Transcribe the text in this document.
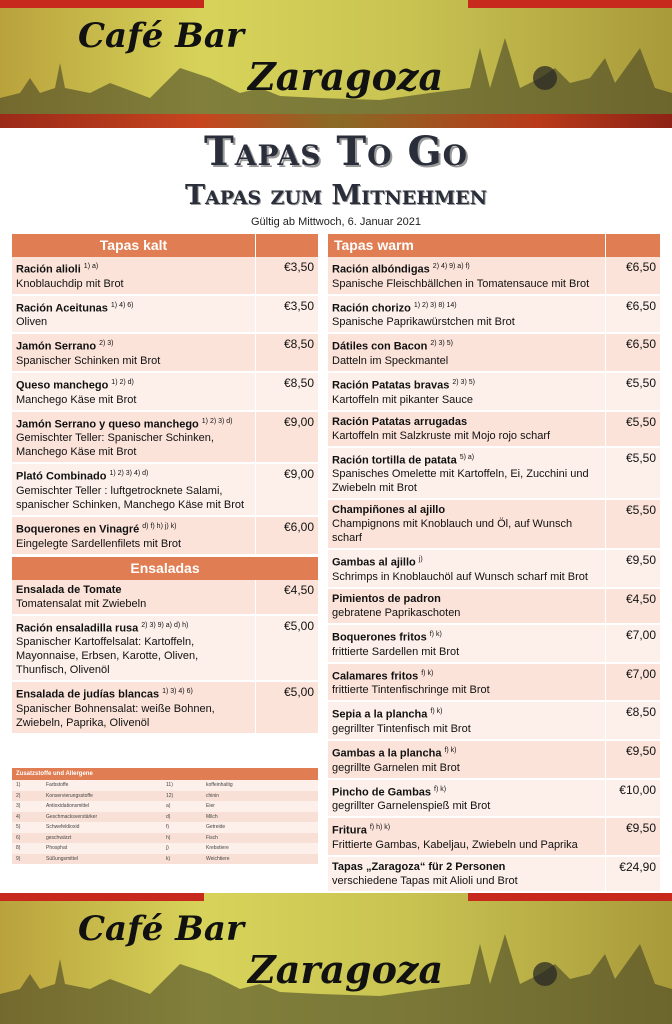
Café Bar
Zaragoza
Tapas To Go
Tapas zum Mitnehmen
Gültig ab Mittwoch, 6. Januar 2021
Tapas kalt
Ración alioli $^{1) a)}$
Knoblauchdip mit Brot
€3,50
Ración Aceitunas $^{1) 4) 6)}$
Oliven
€3,50
Jamón Serrano $^{2) 3)}$
Spanischer Schinken mit Brot
€8,50
Queso manchego $^{1) 2) d)}$
Manchego Käse mit Brot
€8,50
Jamón Serrano y queso manchego $^{1) 2) 3) d)}$
Gemischter Teller: Spanischer Schinken, Manchego Käse mit Brot
€9,00
Plató Combinado $^{1) 2) 3) 4) d)}$
Gemischter Teller : luftgetrocknete Salami, spanischer Schinken, Manchego Käse mit Brot
€9,00
Boquerones en Vinagré $^{d) f) h) j) k)}$
Eingelegte Sardellenfilets mit Brot
€6,00
Ensaladas
Ensalada de Tomate
Tomatensalat mit Zwiebeln
€4,50
Ración ensaladilla rusa $^{2) 3) 9) a) d) h)}$
Spanischer Kartoffelsalat: Kartoffeln, Mayonnaise, Erbsen, Karotte, Oliven, Thunfisch, Olivenöl
€5,00
Ensalada de judías blancas $^{1) 3) 4) 6)}$
Spanischer Bohnensalat: weiße Bohnen, Zwiebeln, Paprika, Olivenöl
€5,00
Tapas warm
Ración albóndigas $^{2) 4) 9) a) f)}$
Spanische Fleischbällchen in Tomatensauce mit Brot
€6,50
Ración chorizo $^{1) 2) 3) 8) 14)}$
Spanische Paprikawürstchen mit Brot
€6,50
Dátiles con Bacon $^{2) 3) 5)}$
Datteln im Speckmantel
€6,50
Ración Patatas bravas $^{2) 3) 5)}$
Kartoffeln mit pikanter Sauce
€5,50
Ración Patatas arrugadas
Kartoffeln mit Salzkruste mit Mojo rojo scharf
€5,50
Ración tortilla de patata $^{5) a)}$
Spanisches Omelette mit Kartoffeln, Ei, Zucchini und Zwiebeln mit Brot
€5,50
Champiñones al ajillo
Champignons mit Knoblauch und Öl, auf Wunsch scharf
€5,50
Gambas al ajillo $^{j)}$
Schrimps in Knoblauchöl auf Wunsch scharf mit Brot
€9,50
Pimientos de padron
gebratene Paprikaschoten
€4,50
Boquerones fritos $^{f) k)}$
frittierte Sardellen mit Brot
€7,00
Calamares fritos $^{f) k)}$
frittierte Tintenfischringe mit Brot
€7,00
Sepia a la plancha $^{f) k)}$
gegrillter Tintenfisch mit Brot
€8,50
Gambas a la plancha $^{f) k)}$
gegrillte Garnelen mit Brot
€9,50
Pincho de Gambas $^{f) k)}$
gegrillter Garnelenspieß mit Brot
€10,00
Fritura $^{f) h) k)}$
Frittierte Gambas, Kabeljau, Zwiebeln und Paprika
€9,50
Tapas „Zaragoza“ für 2 Personen
verschiedene Tapas mit Alioli und Brot
€24,90
Zusatzstoffe und Allergene
1)	Farbstoffe	11)	koffeinhaltig
2)	Konservierungsstoffe	12)	chinin
3)	Antioxidationsmittel	a)	Eier
4)	Geschmacksverstärker	d)	Milch
5)	Schwefeldioxid	f)	Getreide
6)	geschwärzt	h)	Fisch
8)	Phosphat	j)	Krebstiere
9)	Süßungsmittel	k)	Weichtiere
Café Bar
Zaragoza
